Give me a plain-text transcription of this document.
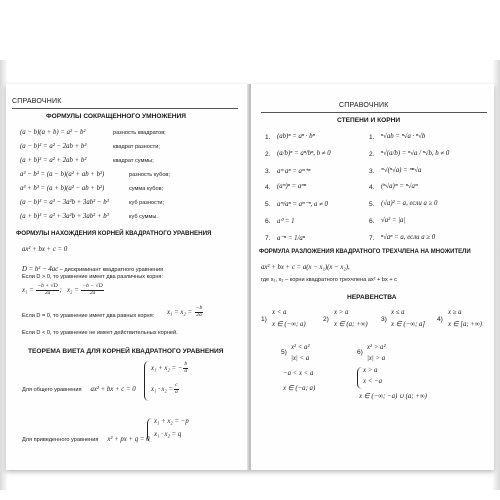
СПРАВОЧНИК
ФОРМУЛЫ СОКРАЩЕННОГО УМНОЖЕНИЯ
(a − b)(a + b) = a² − b²	разность квадратов;
(a − b)² = a² − 2ab + b²	квадрат разности;
(a + b)² = a² + 2ab + b²	квадрат суммы;
a³ − b³ = (a − b)(a² + ab + b²)	разность кубов;
a³ + b³ = (a + b)(a² − ab + b²)	сумма кубов;
(a − b)³ = a³ − 3a²b + 3ab² − b³	куб разности;
(a + b)³ = a³ + 3a²b + 3ab² + b³	куб суммы.
ФОРМУЛЫ НАХОЖДЕНИЯ КОРНЕЙ КВАДРАТНОГО УРАВНЕНИЯ
ax² + bx + c = 0
D = b² − 4ac – дискриминант квадратного уравнения
Если D > 0, то уравнение имеет два различных корня:
$x_1 = \frac{-b + √D}{2a}$ ;   $x_2 = \frac{-b - √D}{2a}$
Если D = 0, то уравнение имеет два равных корня:
$x_1 = x_2 = \frac{-b}{2a}$
Если D < 0, то уравнение не имеет действительных корней.
ТЕОРЕМА ВИЕТА ДЛЯ КОРНЕЙ КВАДРАТНОГО УРАВНЕНИЯ
Для общего уравнения ax² + bx + c = 0
x₁ + x₂ = − $\frac{b}{a}$
$x_1 \cdot x_2 = \frac{c}{a}$
Для приведенного уравнения x² + px + q = 0
x₁ + x₂ = −p
x₁ · x₂ = q
СПРАВОЧНИК
СТЕПЕНИ И КОРНИ
1. (ab)ⁿ = aⁿ · bⁿ
2. (a/b)ⁿ = aⁿ/bⁿ, b ≠ 0
3. aᵐ aⁿ = aᵐ⁺ⁿ
4. (aᵐ)ⁿ = aᵐⁿ
5. aᵐ/aⁿ = aᵐ⁻ⁿ, a ≠ 0
6. a⁰ = 1
7. a⁻ⁿ = 1/aⁿ
1. ⁿ√ab = ⁿ√a · ⁿ√b
2. ⁿ√(a/b) = ⁿ√a / ⁿ√b, b ≠ 0
3. ᵐ√(ⁿ√a) = ᵐⁿ√a
4. (ⁿ√a)ᵐ = ⁿ√aᵐ
5. (√a)² = a, если a ≥ 0
6. √a² = |a|
7. ⁿ√aⁿ = a, если a ≥ 0
ФОРМУЛА РАЗЛОЖЕНИЯ КВАДРАТНОГО ТРЕХЧЛЕНА НА МНОЖИТЕЛИ
ax² + bx + c = a(x − x₁)(x − x₂),
где x₁, x₂ – корни квадратного трехчлена ax² + bx + c
НЕРАВЕНСТВА
1)
x < a
x ∈ (−∞; a)
2)
x > a
x ∈ (a; +∞)
3)
x ≤ a
x ∈ (−∞; a]
4)
x ≥ a
x ∈ [a; +∞)
5)
x² < a²
|x| < a
−a < x < a
x ∈ (−a; a)
6)
x² > a²
|x| > a
x > a
x < −a
x ∈ (−∞; −a) ∪ (a; +∞)
